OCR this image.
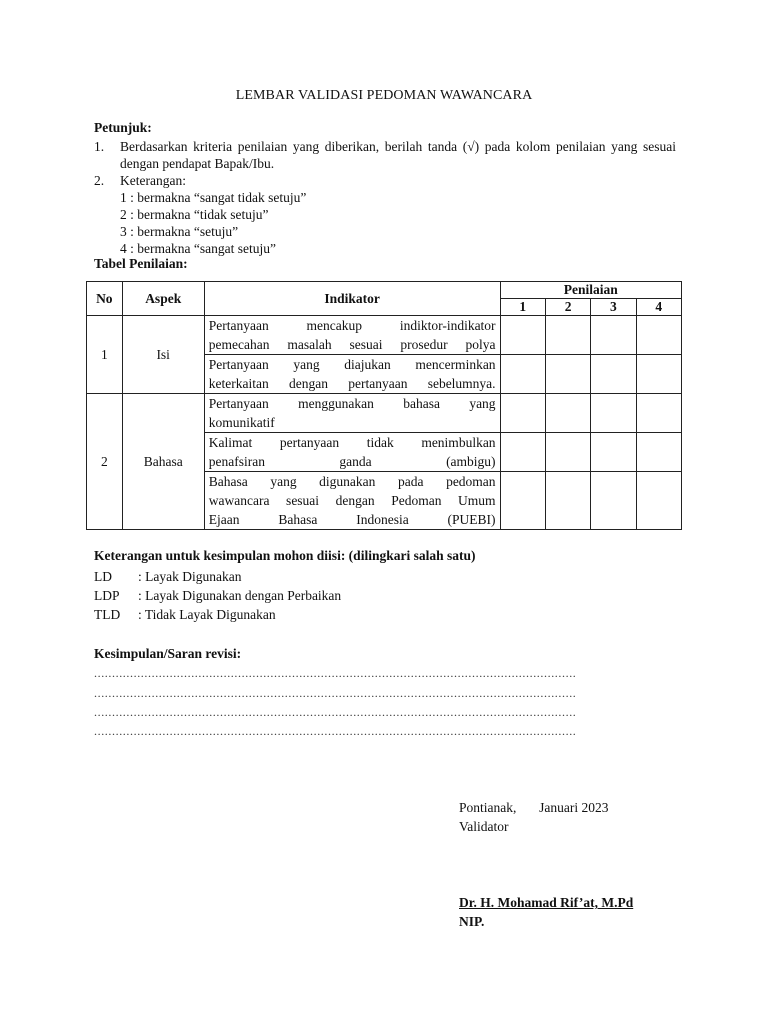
LEMBAR VALIDASI PEDOMAN WAWANCARA
Petunjuk:
1. Berdasarkan kriteria penilaian yang diberikan, berilah tanda (√) pada kolom penilaian yang sesuai dengan pendapat Bapak/Ibu.
2. Keterangan:
1 : bermakna “sangat tidak setuju”
2 : bermakna “tidak setuju”
3 : bermakna “setuju”
4 : bermakna “sangat setuju”
Tabel Penilaian:
No	Aspek	Indikator	Penilaian			
			1	2	3	4
1	Isi	Pertanyaan mencakup indiktor-indikator
pemecahan masalah sesuai prosedur polya				

		Pertanyaan yang diajukan mencerminkan
keterkaitan dengan pertanyaan sebelumnya.				

2	Bahasa	Pertanyaan menggunakan bahasa yang
komunikatif				

		Kalimat pertanyaan tidak menimbulkan
penafsiran ganda (ambigu)				

		Bahasa yang digunakan pada pedoman
wawancara sesuai dengan Pedoman Umum
Ejaan Bahasa Indonesia (PUEBI)				

Keterangan untuk kesimpulan mohon diisi: (dilingkari salah satu)
LD : Layak Digunakan
LDP : Layak Digunakan dengan Perbaikan
TLD : Tidak Layak Digunakan
Kesimpulan/Saran revisi:
......................................................................................................................................
......................................................................................................................................
......................................................................................................................................
......................................................................................................................................
Pontianak, Januari 2023
Validator
Dr. H. Mohamad Rif’at, M.Pd
NIP.
